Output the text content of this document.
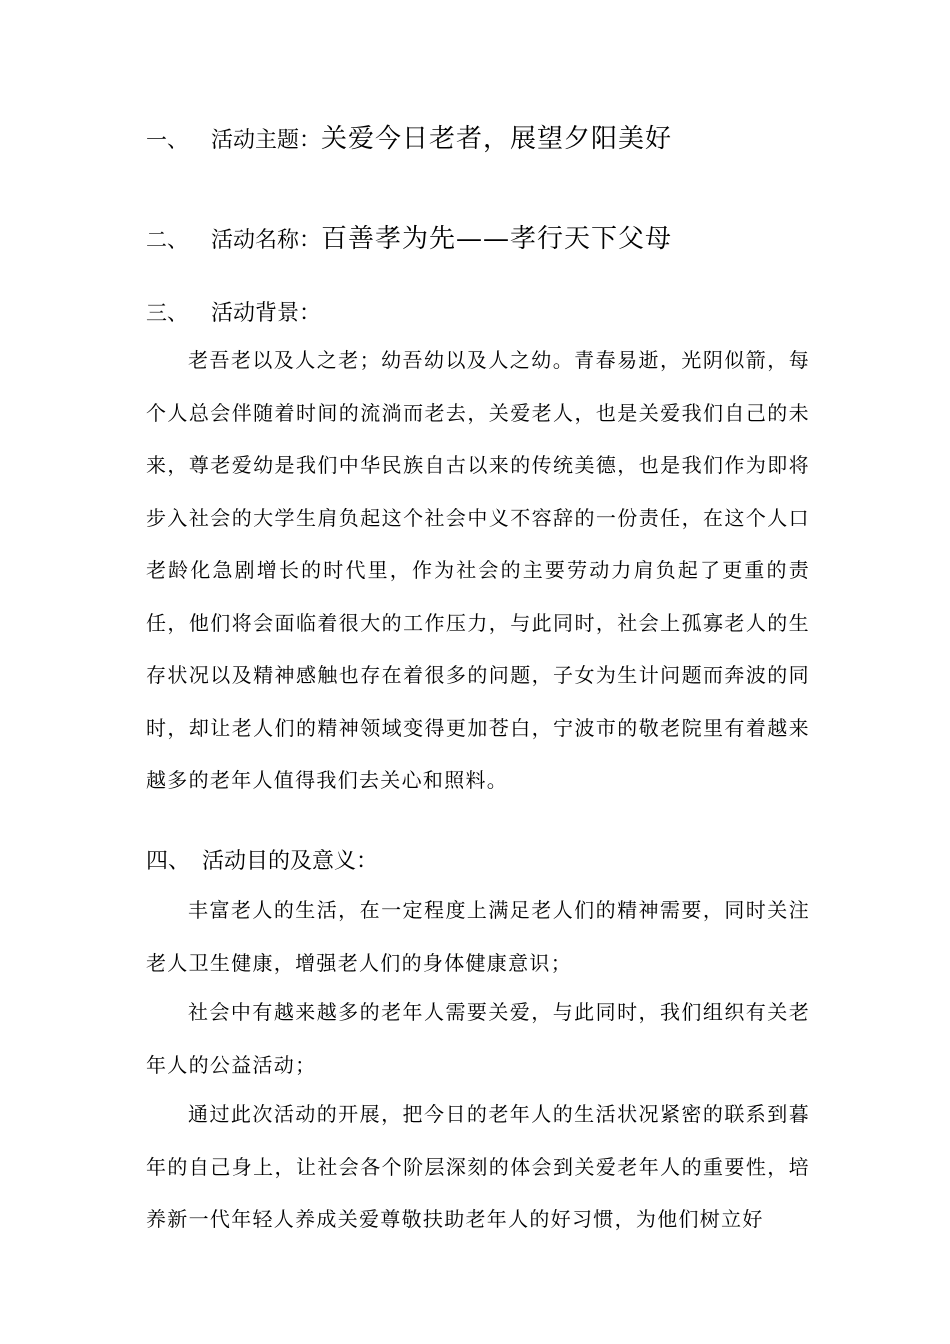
一、 活动主题：关爱今日老者，展望夕阳美好
二、 活动名称：百善孝为先——孝行天下父母
三、 活动背景：

老吾老以及人之老；幼吾幼以及人之幼。青春易逝，光阴似箭，每个人总会伴随着时间的流淌而老去，关爱老人，也是关爱我们自己的未来，尊老爱幼是我们中华民族自古以来的传统美德，也是我们作为即将步入社会的大学生肩负起这个社会中义不容辞的一份责任，在这个人口老龄化急剧增长的时代里，作为社会的主要劳动力肩负起了更重的责任，他们将会面临着很大的工作压力，与此同时，社会上孤寡老人的生存状况以及精神感触也存在着很多的问题，子女为生计问题而奔波的同时，却让老人们的精神领域变得更加苍白，宁波市的敬老院里有着越来越多的老年人值得我们去关心和照料。

四、 活动目的及意义：

丰富老人的生活，在一定程度上满足老人们的精神需要，同时关注老人卫生健康，增强老人们的身体健康意识；

社会中有越来越多的老年人需要关爱，与此同时，我们组织有关老年人的公益活动；

通过此次活动的开展，把今日的老年人的生活状况紧密的联系到暮年的自己身上，让社会各个阶层深刻的体会到关爱老年人的重要性，培养新一代年轻人养成关爱尊敬扶助老年人的好习惯，为他们树立好
